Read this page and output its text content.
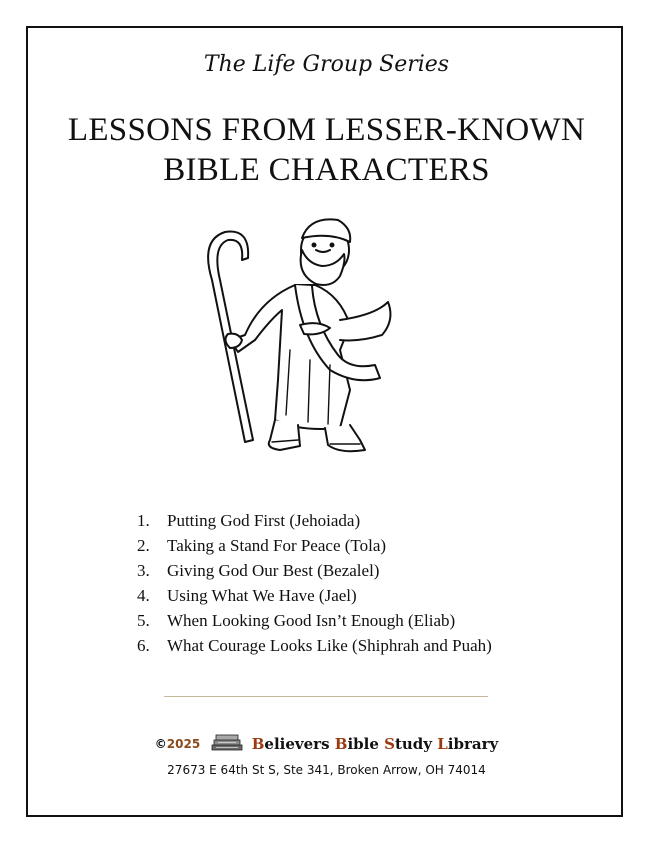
The Life Group Series
LESSONS FROM LESSER-KNOWN
BIBLE CHARACTERS
1. Putting God First (Jehoiada)
2. Taking a Stand For Peace (Tola)
3. Giving God Our Best (Bezalel)
4. Using What We Have (Jael)
5. When Looking Good Isn’t Enough (Eliab)
6. What Courage Looks Like (Shiphrah and Puah)
©2025	Believers Bible Study Library
27673 E 64th St S, Ste 341, Broken Arrow, OH 74014
